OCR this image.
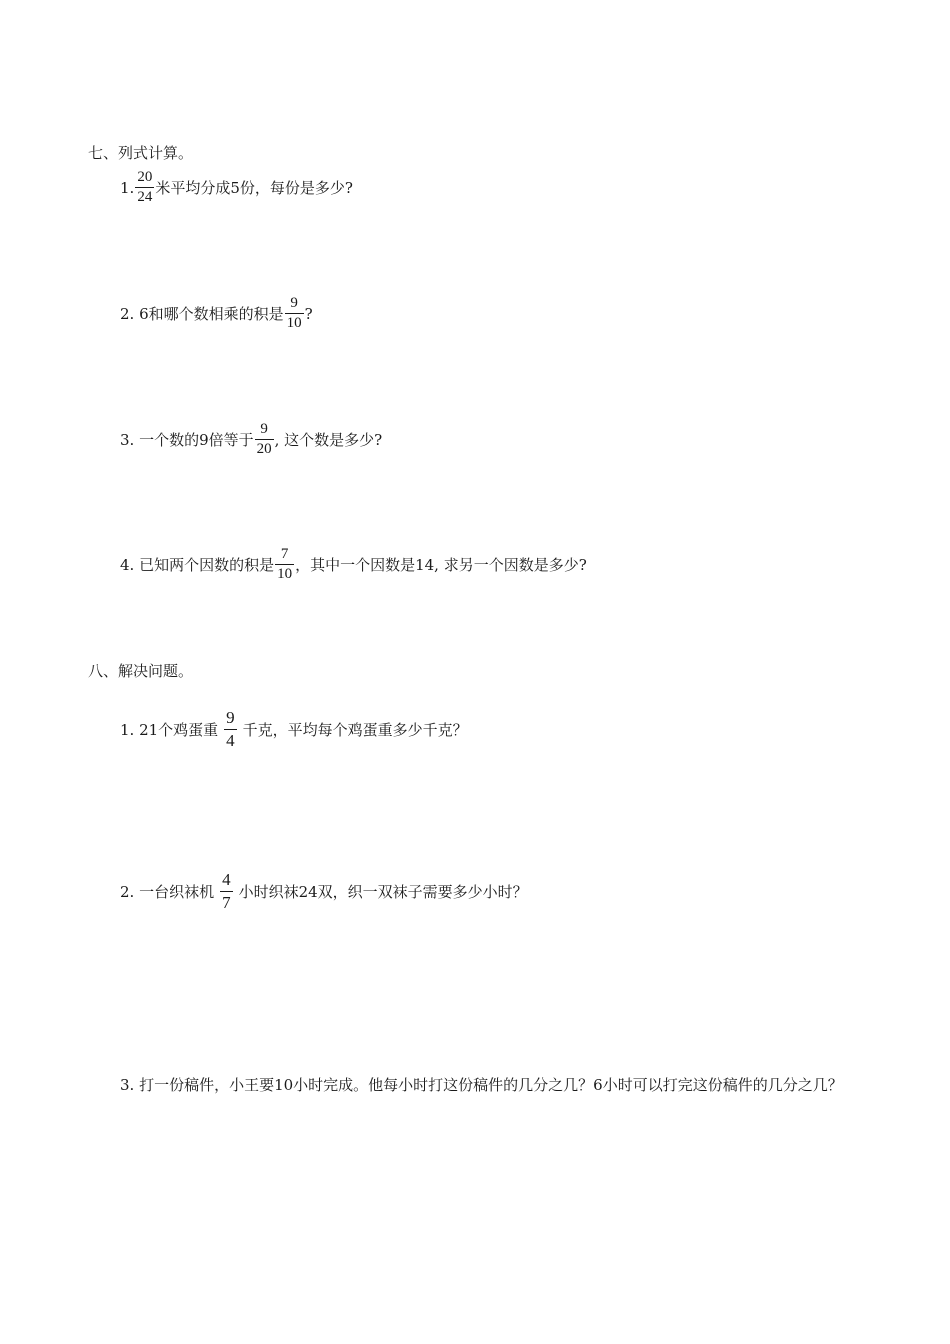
七、列式计算。
1. $\frac{20}{24}$ 米平均分成5份，每份是多少?
2. 6和哪个数相乘的积是 $\frac{9}{10}$ ?
3. 一个数的9倍等于 $\frac{9}{20}$ , 这个数是多少?
4. 已知两个因数的积是 $\frac{7}{10}$ ，其中一个因数是14, 求另一个因数是多少?
八、解决问题。
1. 21个鸡蛋重 $\frac{9}{4}$ 千克，平均每个鸡蛋重多少千克？
2. 一台织袜机 $\frac{4}{7}$ 小时织袜24双，织一双袜子需要多少小时？
3. 打一份稿件，小王要10小时完成。他每小时打这份稿件的几分之几？6小时可以打完这份稿件的几分之几？
